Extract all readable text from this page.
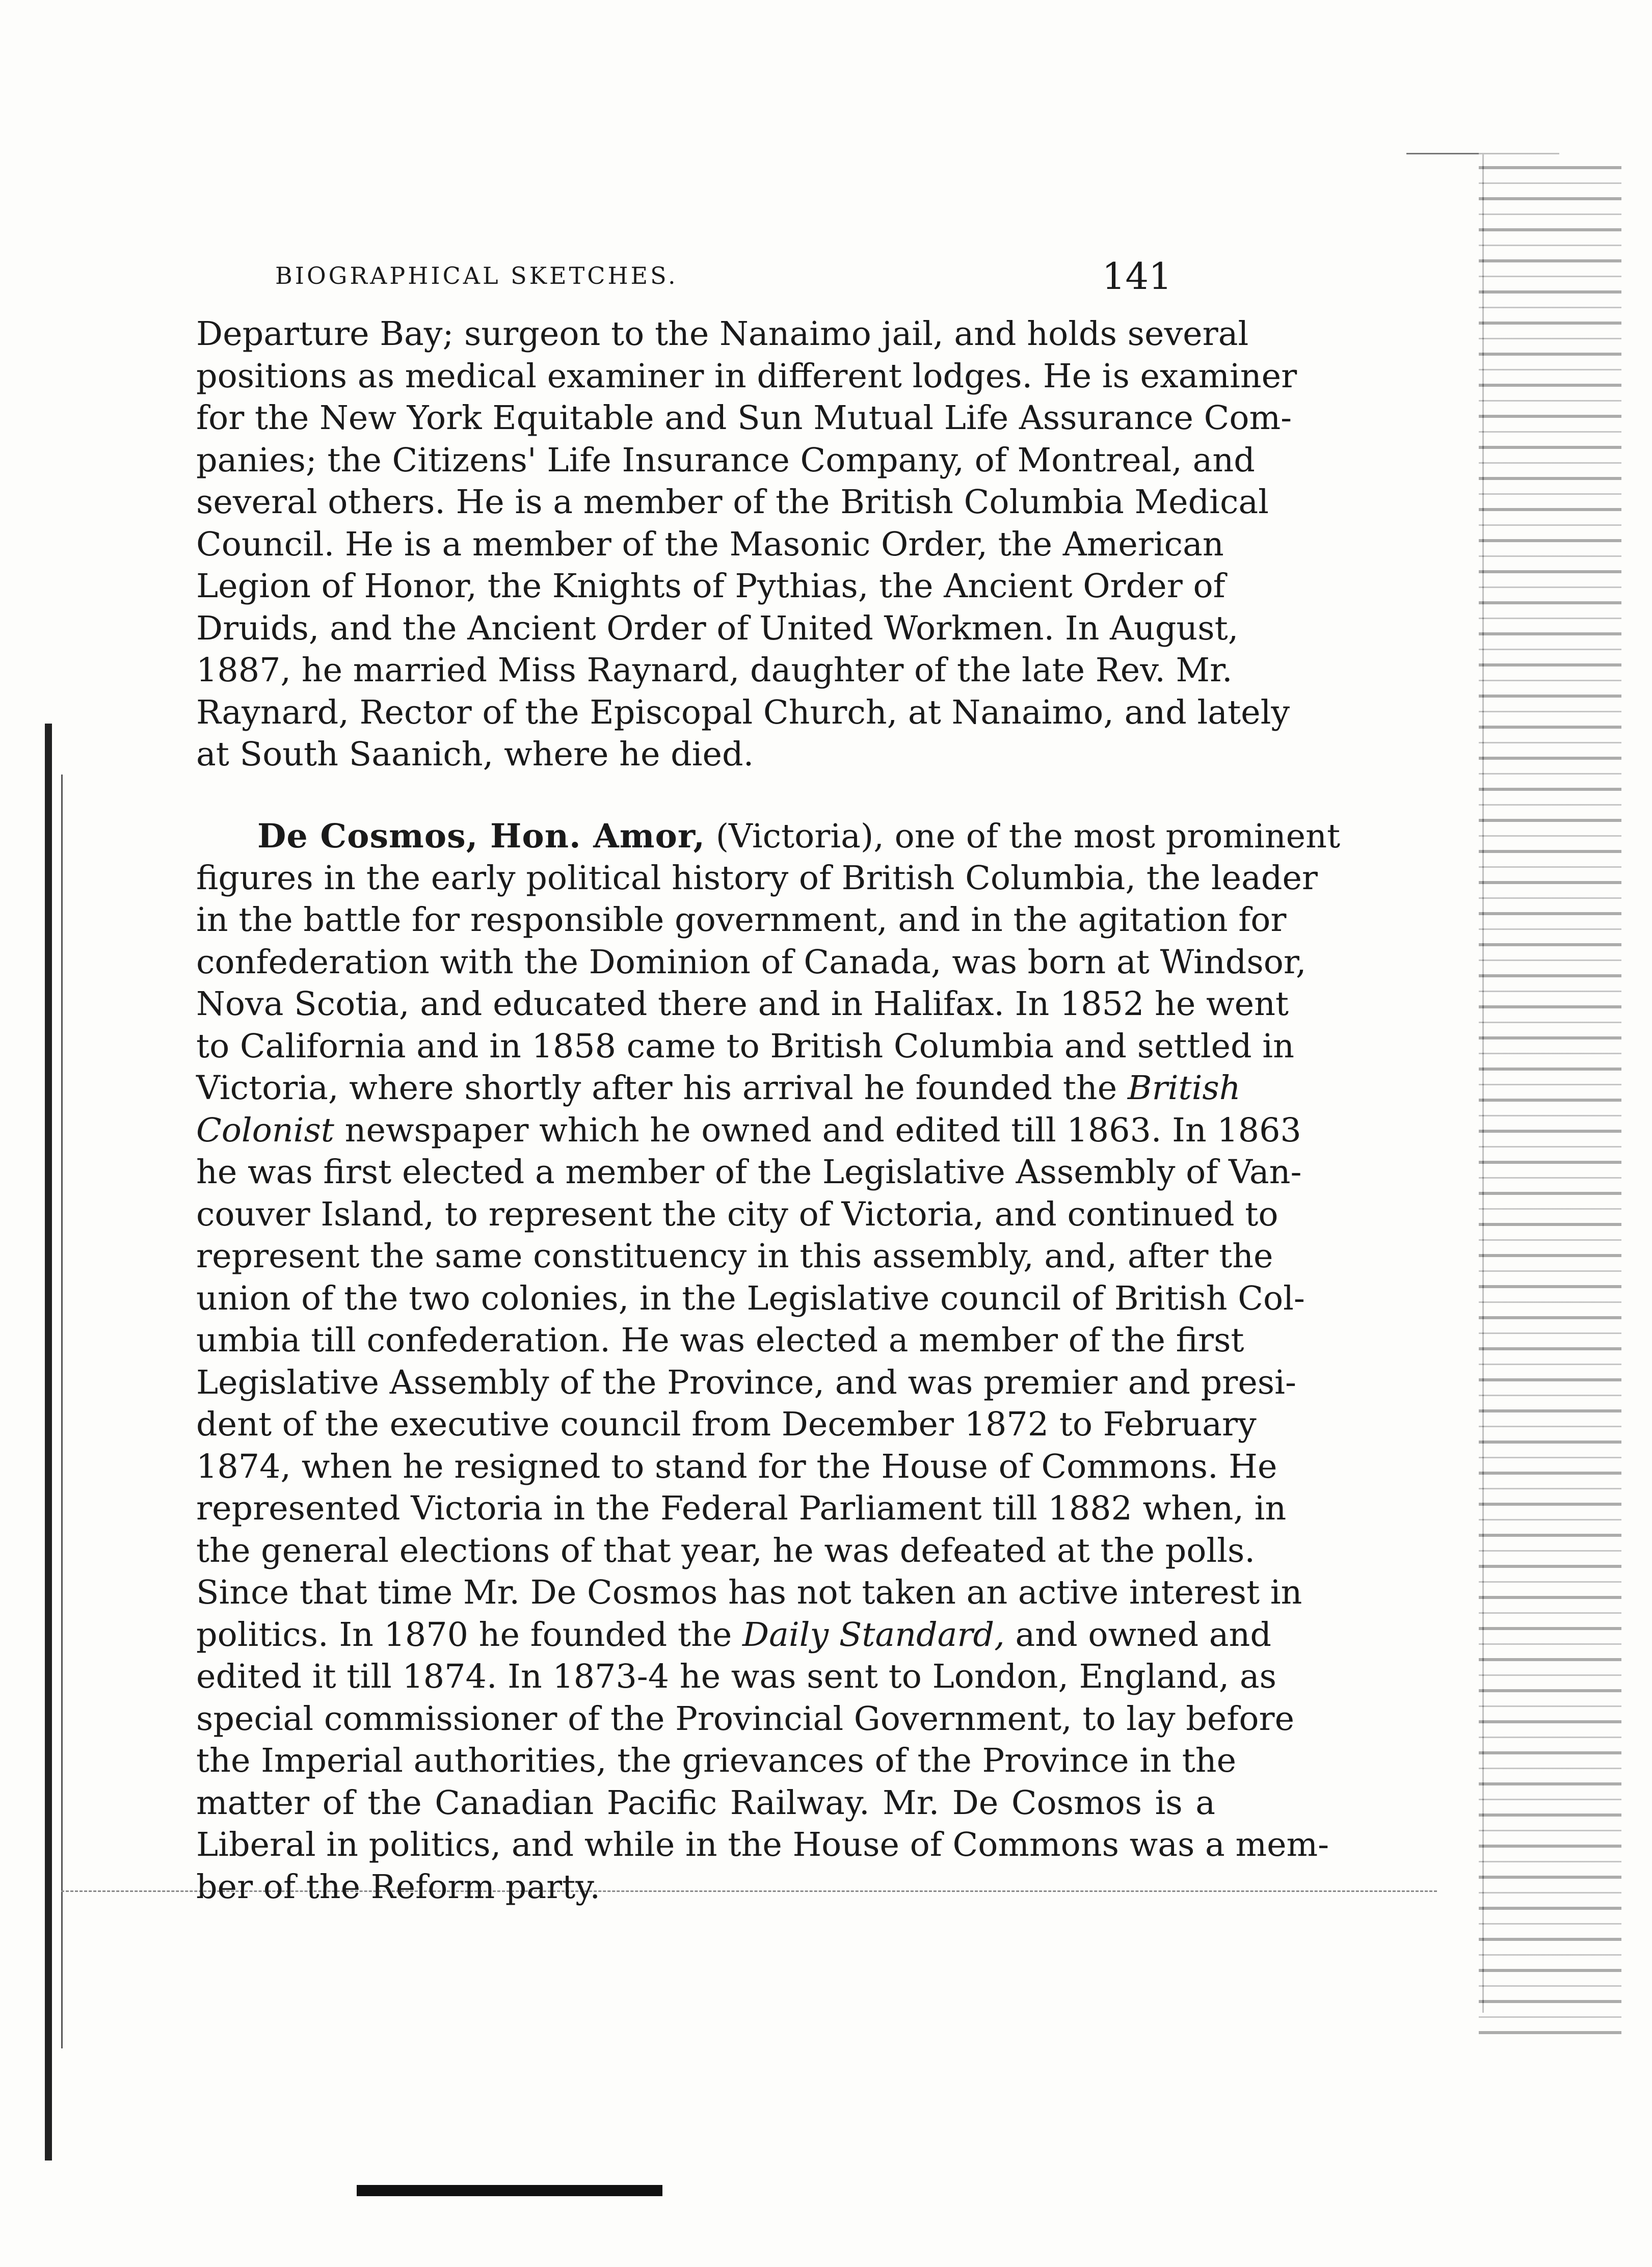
BIOGRAPHICAL SKETCHES.	141
Departure Bay; surgeon to the Nanaimo jail, and holds several
positions as medical examiner in different lodges. He is examiner
for the New York Equitable and Sun Mutual Life Assurance Com-
panies; the Citizens' Life Insurance Company, of Montreal, and
several others. He is a member of the British Columbia Medical
Council. He is a member of the Masonic Order, the American
Legion of Honor, the Knights of Pythias, the Ancient Order of
Druids, and the Ancient Order of United Workmen. In August,
1887, he married Miss Raynard, daughter of the late Rev. Mr.
Raynard, Rector of the Episcopal Church, at Nanaimo, and lately
at South Saanich, where he died.
De Cosmos, Hon. Amor, (Victoria), one of the most prominent
figures in the early political history of British Columbia, the leader
in the battle for responsible government, and in the agitation for
confederation with the Dominion of Canada, was born at Windsor,
Nova Scotia, and educated there and in Halifax. In 1852 he went
to California and in 1858 came to British Columbia and settled in
Victoria, where shortly after his arrival he founded the British
Colonist newspaper which he owned and edited till 1863. In 1863
he was first elected a member of the Legislative Assembly of Van-
couver Island, to represent the city of Victoria, and continued to
represent the same constituency in this assembly, and, after the
union of the two colonies, in the Legislative council of British Col-
umbia till confederation. He was elected a member of the first
Legislative Assembly of the Province, and was premier and presi-
dent of the executive council from December 1872 to February
1874, when he resigned to stand for the House of Commons. He
represented Victoria in the Federal Parliament till 1882 when, in
the general elections of that year, he was defeated at the polls.
Since that time Mr. De Cosmos has not taken an active interest in
politics. In 1870 he founded the Daily Standard, and owned and
edited it till 1874. In 1873-4 he was sent to London, England, as
special commissioner of the Provincial Government, to lay before
the Imperial authorities, the grievances of the Province in the
matter of the Canadian Pacific Railway. Mr. De Cosmos is a
Liberal in politics, and while in the House of Commons was a mem-
ber of the Reform party.
